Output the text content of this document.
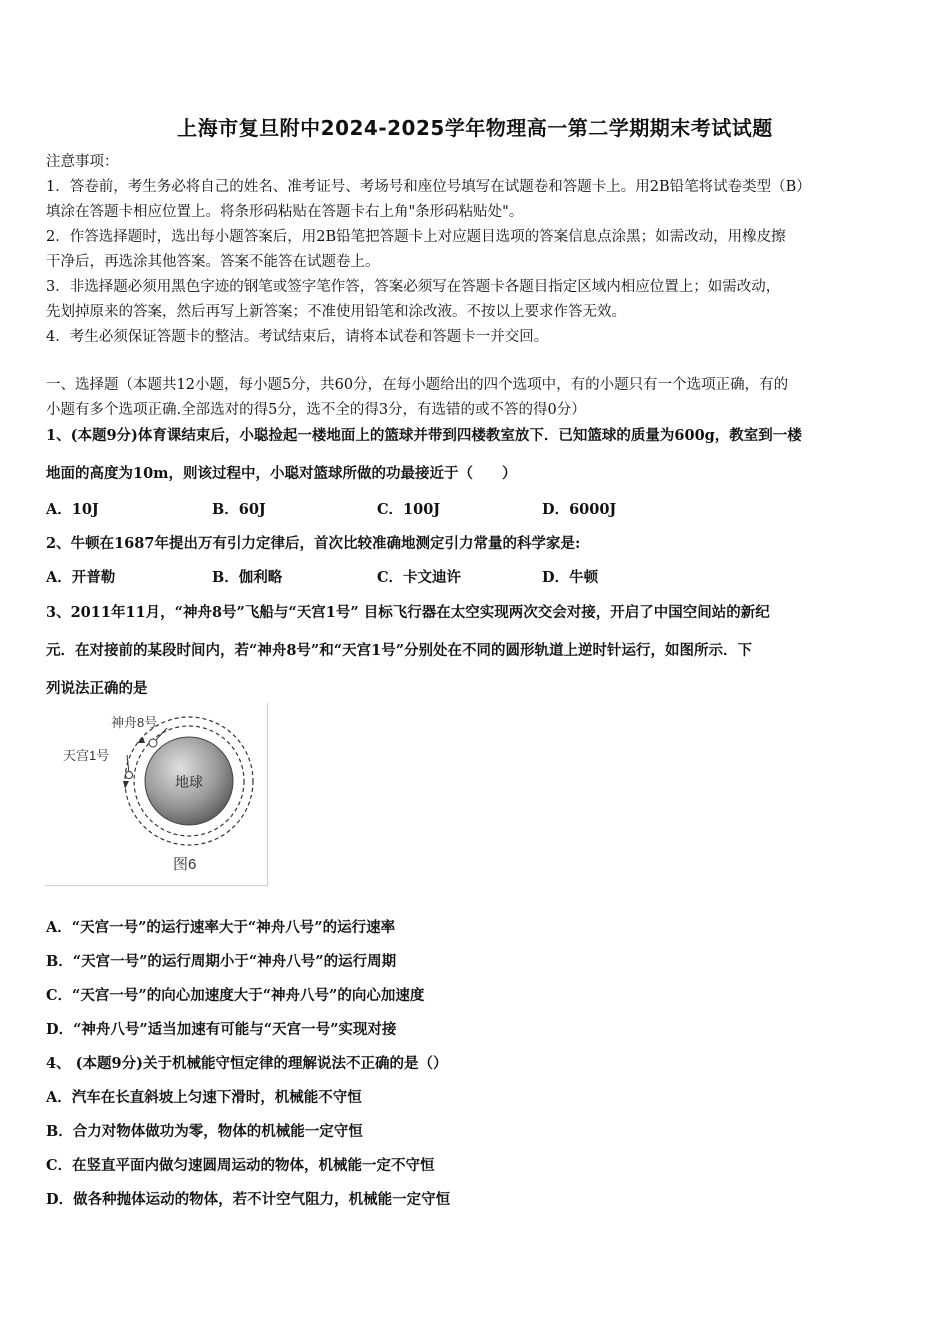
上海市复旦附中2024-2025学年物理高一第二学期期末考试试题

注意事项：

1．答卷前，考生务必将自己的姓名、准考证号、考场号和座位号填写在试题卷和答题卡上。用2B铅笔将试卷类型（B）

填涂在答题卡相应位置上。将条形码粘贴在答题卡右上角"条形码粘贴处"。

2．作答选择题时，选出每小题答案后，用2B铅笔把答题卡上对应题目选项的答案信息点涂黑；如需改动，用橡皮擦

干净后，再选涂其他答案。答案不能答在试题卷上。

3．非选择题必须用黑色字迹的钢笔或签字笔作答，答案必须写在答题卡各题目指定区域内相应位置上；如需改动，

先划掉原来的答案，然后再写上新答案；不准使用铅笔和涂改液。不按以上要求作答无效。

4．考生必须保证答题卡的整洁。考试结束后，请将本试卷和答题卡一并交回。

一、选择题（本题共12小题，每小题5分，共60分，在每小题给出的四个选项中，有的小题只有一个选项正确，有的

小题有多个选项正确.全部选对的得5分，选不全的得3分，有选错的或不答的得0分）

1、(本题9分)体育课结束后，小聪捡起一楼地面上的篮球并带到四楼教室放下．已知篮球的质量为600g，教室到一楼

地面的高度为10m，则该过程中，小聪对篮球所做的功最接近于（　　）

A．10J	B．60J	C．100J	D．6000J
2、牛顿在1687年提出万有引力定律后，首次比较准确地测定引力常量的科学家是:
A．开普勒	B．伽利略	C．卡文迪许	D．牛顿

3、2011年11月，“神舟8号”飞船与“天宫1号” 目标飞行器在太空实现两次交会对接，开启了中国空间站的新纪

元．在对接前的某段时间内，若“神舟8号”和“天宫1号”分别处在不同的圆形轨道上逆时针运行，如图所示．下

列说法正确的是

地球
神舟8号
天宫1号
图6
A．“天宫一号”的运行速率大于“神舟八号”的运行速率
B．“天宫一号”的运行周期小于“神舟八号”的运行周期
C．“天宫一号”的向心加速度大于“神舟八号”的向心加速度
D．“神舟八号”适当加速有可能与“天宫一号”实现对接
4、 (本题9分)关于机械能守恒定律的理解说法不正确的是（）
A．汽车在长直斜坡上匀速下滑时，机械能不守恒
B．合力对物体做功为零，物体的机械能一定守恒
C．在竖直平面内做匀速圆周运动的物体，机械能一定不守恒
D．做各种抛体运动的物体，若不计空气阻力，机械能一定守恒
